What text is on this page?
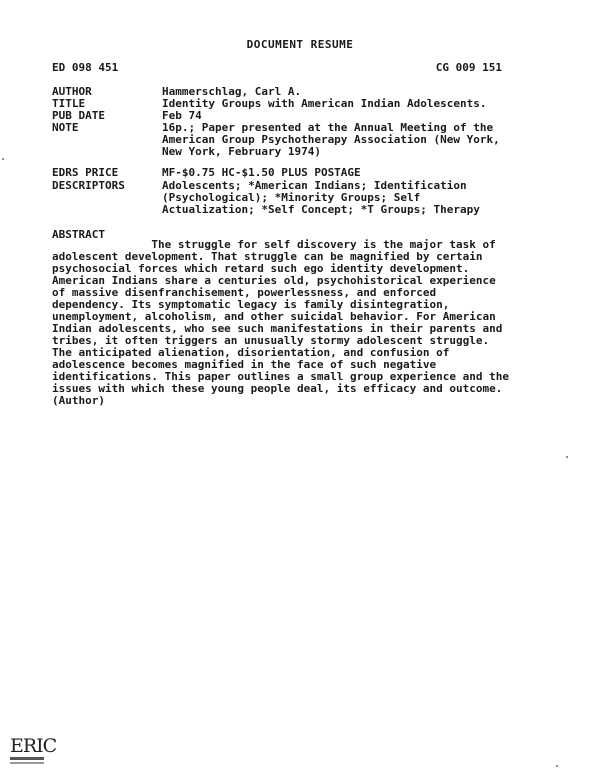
DOCUMENT RESUME
ED 098 451	CG 009 151
AUTHOR	Hammerschlag, Carl A.
TITLE	Identity Groups with American Indian Adolescents.
PUB DATE	Feb 74
NOTE	16p.; Paper presented at the Annual Meeting of the
American Group Psychotherapy Association (New York,
New York, February 1974)
EDRS PRICE	MF-$0.75 HC-$1.50 PLUS POSTAGE
DESCRIPTORS	Adolescents; *American Indians; Identification
(Psychological); *Minority Groups; Self
Actualization; *Self Concept; *T Groups; Therapy
ABSTRACT
The struggle for self discovery is the major task of
adolescent development. That struggle can be magnified by certain
psychosocial forces which retard such ego identity development.
American Indians share a centuries old, psychohistorical experience
of massive disenfranchisement, powerlessness, and enforced
dependency. Its symptomatic legacy is family disintegration,
unemployment, alcoholism, and other suicidal behavior. For American
Indian adolescents, who see such manifestations in their parents and
tribes, it often triggers an unusually stormy adolescent struggle.
The anticipated alienation, disorientation, and confusion of
adolescence becomes magnified in the face of such negative
identifications. This paper outlines a small group experience and the
issues with which these young people deal, its efficacy and outcome.
(Author)
ERIC
